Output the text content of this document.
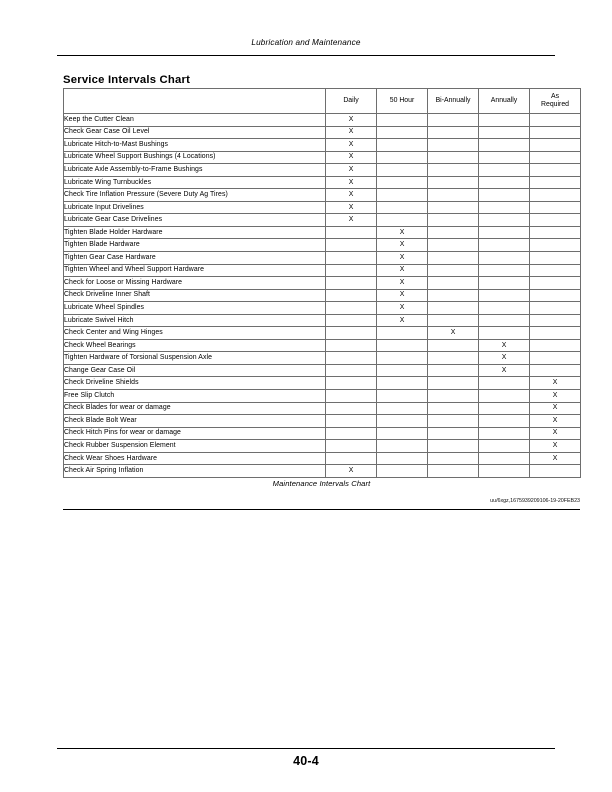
Lubrication and Maintenance
Service Intervals Chart
	Daily	50 Hour	Bi-Annually	Annually	As
Required
Keep the Cutter Clean	X				
Check Gear Case Oil Level	X				
Lubricate Hitch-to-Mast Bushings	X				
Lubricate Wheel Support Bushings (4 Locations)	X				
Lubricate Axle Assembly-to-Frame Bushings	X				
Lubricate Wing Turnbuckles	X				
Check Tire Inflation Pressure (Severe Duty Ag Tires)	X				
Lubricate Input Drivelines	X				
Lubricate Gear Case Drivelines	X				
Tighten Blade Holder Hardware		X			
Tighten Blade Hardware		X			
Tighten Gear Case Hardware		X			
Tighten Wheel and Wheel Support Hardware		X			
Check for Loose or Missing Hardware		X			
Check Driveline Inner Shaft		X			
Lubricate Wheel Spindles		X			
Lubricate Swivel Hitch		X			
Check Center and Wing Hinges			X		
Check Wheel Bearings				X	
Tighten Hardware of Torsional Suspension Axle				X	
Change Gear Case Oil				X	
Check Driveline Shields					X
Free Slip Clutch					X
Check Blades for wear or damage					X
Check Blade Bolt Wear					X
Check Hitch Pins for wear or damage					X
Check Rubber Suspension Element					X
Check Wear Shoes Hardware					X
Check Air Spring Inflation	X				
Maintenance Intervals Chart
uu/6xgz,1675939209106-19-20FEB23
40-4
